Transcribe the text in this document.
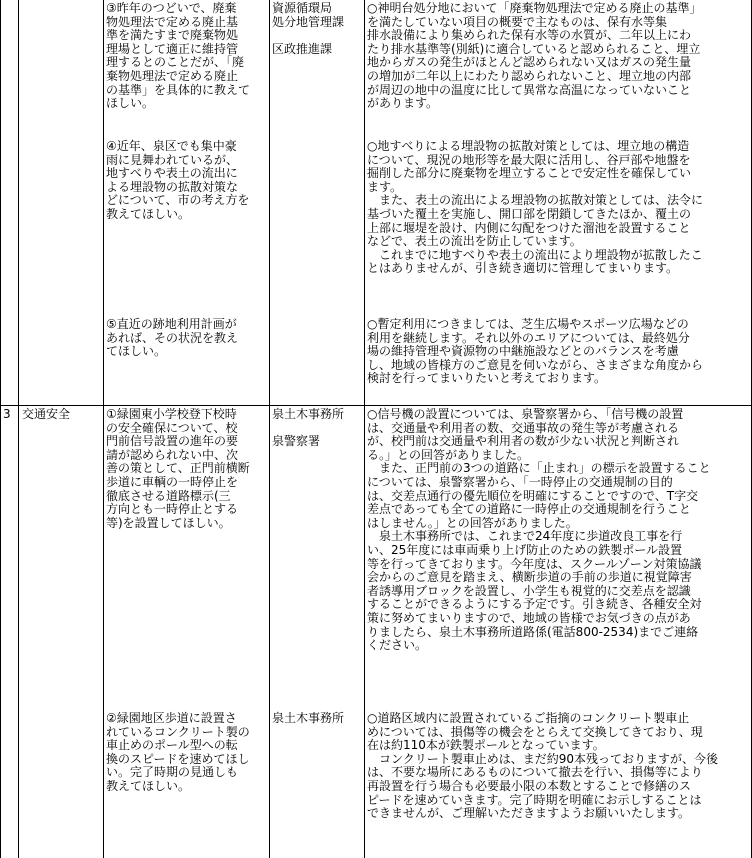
③昨年のつどいで、廃棄
物処理法で定める廃止基
準を満たすまで廃棄物処
理場として適正に維持管
理するとのことだが、「廃
棄物処理法で定める廃止
の基準」を具体的に教えて
ほしい。

資源循環局
処分地管理課

区政推進課

○神明台処分地において「廃棄物処理法で定める廃止の基準」
を満たしていない項目の概要で主なものは、保有水等集
排水設備により集められた保有水等の水質が、二年以上にわ
たり排水基準等(別紙)に適合していると認められること、埋立
地からガスの発生がほとんど認められない又はガスの発生量
の増加が二年以上にわたり認められないこと、埋立地の内部
が周辺の地中の温度に比して異常な高温になっていないこと
があります。

④近年、泉区でも集中豪
雨に見舞われているが、
地すべりや表土の流出に
よる埋設物の拡散対策な
どについて、市の考え方を
教えてほしい。

○地すべりによる埋設物の拡散対策としては、埋立地の構造
について、現況の地形等を最大限に活用し、谷戸部や地盤を
掘削した部分に廃棄物を埋立することで安定性を確保してい
ます。
　また、表土の流出による埋設物の拡散対策としては、法令に
基づいた覆土を実施し、開口部を閉鎖してきたほか、覆土の
上部に堰堤を設け、内側に勾配をつけた溜池を設置すること
などで、表土の流出を防止しています。
　これまでに地すべりや表土の流出により埋設物が拡散したこ
とはありませんが、引き続き適切に管理してまいります。

⑤直近の跡地利用計画が
あれば、その状況を教え
てほしい。

○暫定利用につきましては、芝生広場やスポーツ広場などの
利用を継続します。それ以外のエリアについては、最終処分
場の維持管理や資源物の中継施設などとのバランスを考慮
し、地域の皆様方のご意見を伺いながら、さまざまな角度から
検討を行ってまいりたいと考えております。

3 交通安全	①緑園東小学校登下校時
の安全確保について、校
門前信号設置の進年の要
請が認められない中、次
善の策として、正門前横断
歩道に車輌の一時停止を
徹底させる道路標示(三
方向とも一時停止とする
等)を設置してほしい。

泉土木事務所

泉警察署

○信号機の設置については、泉警察署から、「信号機の設置
は、交通量や利用者の数、交通事故の発生等が考慮される
が、校門前は交通量や利用者の数が少ない状況と判断され
る。」との回答がありました。
　また、正門前の3つの道路に「止まれ」の標示を設置すること
については、泉警察署から、「一時停止の交通規制の目的
は、交差点通行の優先順位を明確にすることですので、T字交
差点であっても全ての道路に一時停止の交通規制を行うこと
はしません。」との回答がありました。
　泉土木事務所では、これまで24年度に歩道改良工事を行
い、25年度には車両乗り上げ防止のための鉄製ポール設置
等を行ってきております。今年度は、スクールゾーン対策協議
会からのご意見を踏まえ、横断歩道の手前の歩道に視覚障害
者誘導用ブロックを設置し、小学生も視覚的に交差点を認識
することができるようにする予定です。引き続き、各種安全対
策に努めてまいりますので、地域の皆様でお気づきの点があ
りましたら、泉土木事務所道路係(電話800-2534)までご連絡
ください。

②緑園地区歩道に設置さ
れているコンクリート製の
車止めのポール型への転
換のスピードを速めてほし
い。完了時期の見通しも
教えてほしい。

泉土木事務所	○道路区域内に設置されているご指摘のコンクリート製車止
めについては、損傷等の機会をとらえて交換してきており、現
在は約110本が鉄製ポールとなっています。
　コンクリート製車止めは、まだ約90本残っておりますが、今後
は、不要な場所にあるものについて撤去を行い、損傷等により
再設置を行う場合も必要最小限の本数とすることで修繕のス
ピードを速めていきます。完了時期を明確にお示しすることは
できませんが、ご理解いただきますようお願いいたします。
